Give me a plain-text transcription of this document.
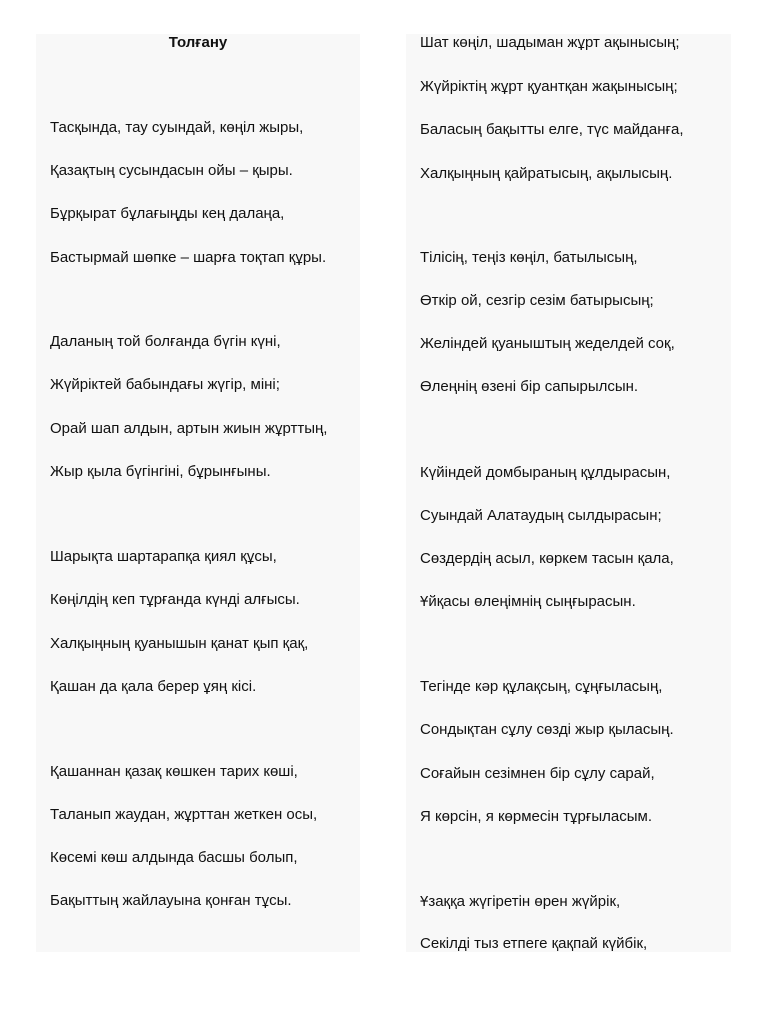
Толғану

Тасқында, тау суындай, көңіл жыры,

Қазақтың сусындасын ойы – қыры.

Бұрқырат бұлағыңды кең далаңа,

Бастырмай шөпке – шарға тоқтап құры.

Даланың той болғанда бүгін күні,

Жүйріктей бабындағы жүгір, міні;

Орай шап алдын, артын жиын жұрттың,

Жыр қыла бүгінгіні, бұрынғыны.

Шарықта шартарапқа қиял құсы,

Көңілдің кеп тұрғанда күнді алғысы.

Халқыңның қуанышын қанат қып қақ,

Қашан да қала берер ұяң кісі.

Қашаннан қазақ көшкен тарих көші,

Таланып жаудан, жұрттан жеткен осы,

Көсемі көш алдында басшы болып,

Бақыттың жайлауына қонған тұсы.

Шат көңіл, шадыман жұрт ақынысың;

Жүйріктің жұрт қуантқан жақынысың;

Баласың бақытты елге, түс майданға,

Халқыңның қайратысың, ақылысың.

Тілісің, теңіз көңіл, батылысың,

Өткір ой, сезгір сезім батырысың;

Желіндей қуаныштың жеделдей соқ,

Өлеңнің өзені бір сапырылсын.

Күйіндей домбыраның құлдырасын,

Суындай Алатаудың сылдырасын;

Сөздердің асыл, көркем тасын қала,

Ұйқасы өлеңімнің сыңғырасын.

Тегінде кәр құлақсың, сұңғыласың,

Сондықтан сұлу сөзді жыр қыласың.

Соғайын сезімнен бір сұлу сарай,

Я көрсін, я көрмесін тұрғыласым.

Ұзаққа жүгіретін өрен жүйрік,

Секілді тыз етпеге қақпай күйбік,
